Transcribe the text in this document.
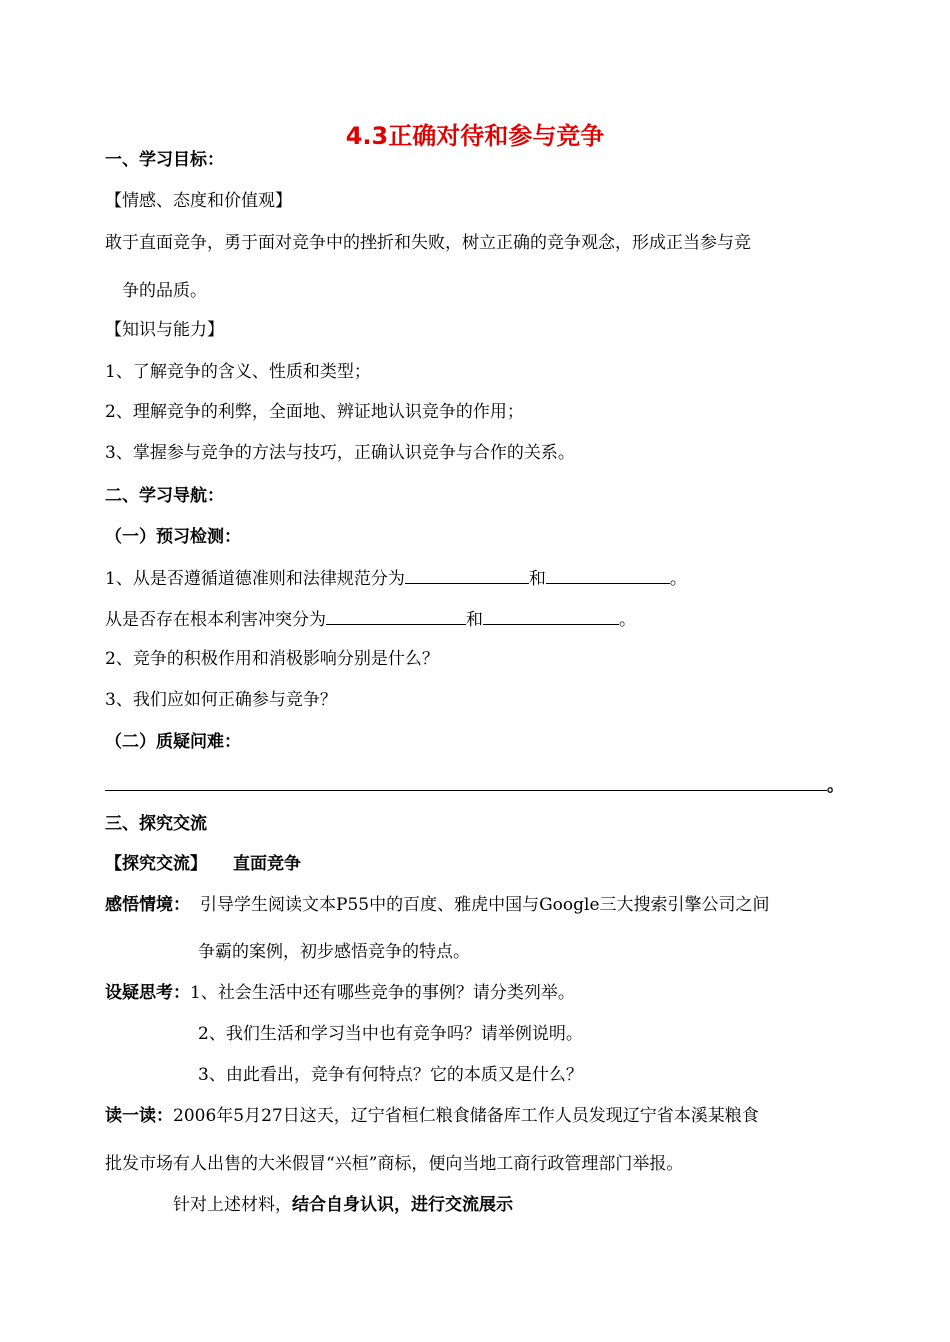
4.3正确对待和参与竞争
一、学习目标：
【情感、态度和价值观】
敢于直面竞争，勇于面对竞争中的挫折和失败，树立正确的竞争观念，形成正当参与竞
争的品质。
【知识与能力】
1、了解竞争的含义、性质和类型；
2、理解竞争的利弊，全面地、辨证地认识竞争的作用；
3、掌握参与竞争的方法与技巧，正确认识竞争与合作的关系。
二、学习导航：
（一）预习检测：
1、从是否遵循道德准则和法律规范分为	和	。
从是否存在根本利害冲突分为	和	。
2、竞争的积极作用和消极影响分别是什么？
3、我们应如何正确参与竞争？
（二）质疑问难：
。
三、探究交流
【探究交流】 直面竞争
感悟情境： 引导学生阅读文本P55中的百度、雅虎中国与Google三大搜索引擎公司之间
争霸的案例，初步感悟竞争的特点。
设疑思考：1、社会生活中还有哪些竞争的事例？请分类列举。
2、我们生活和学习当中也有竞争吗？请举例说明。
3、由此看出，竞争有何特点？它的本质又是什么？
读一读：2006年5月27日这天，辽宁省桓仁粮食储备库工作人员发现辽宁省本溪某粮食
批发市场有人出售的大米假冒“兴桓”商标，便向当地工商行政管理部门举报。
针对上述材料，结合自身认识，进行交流展示
